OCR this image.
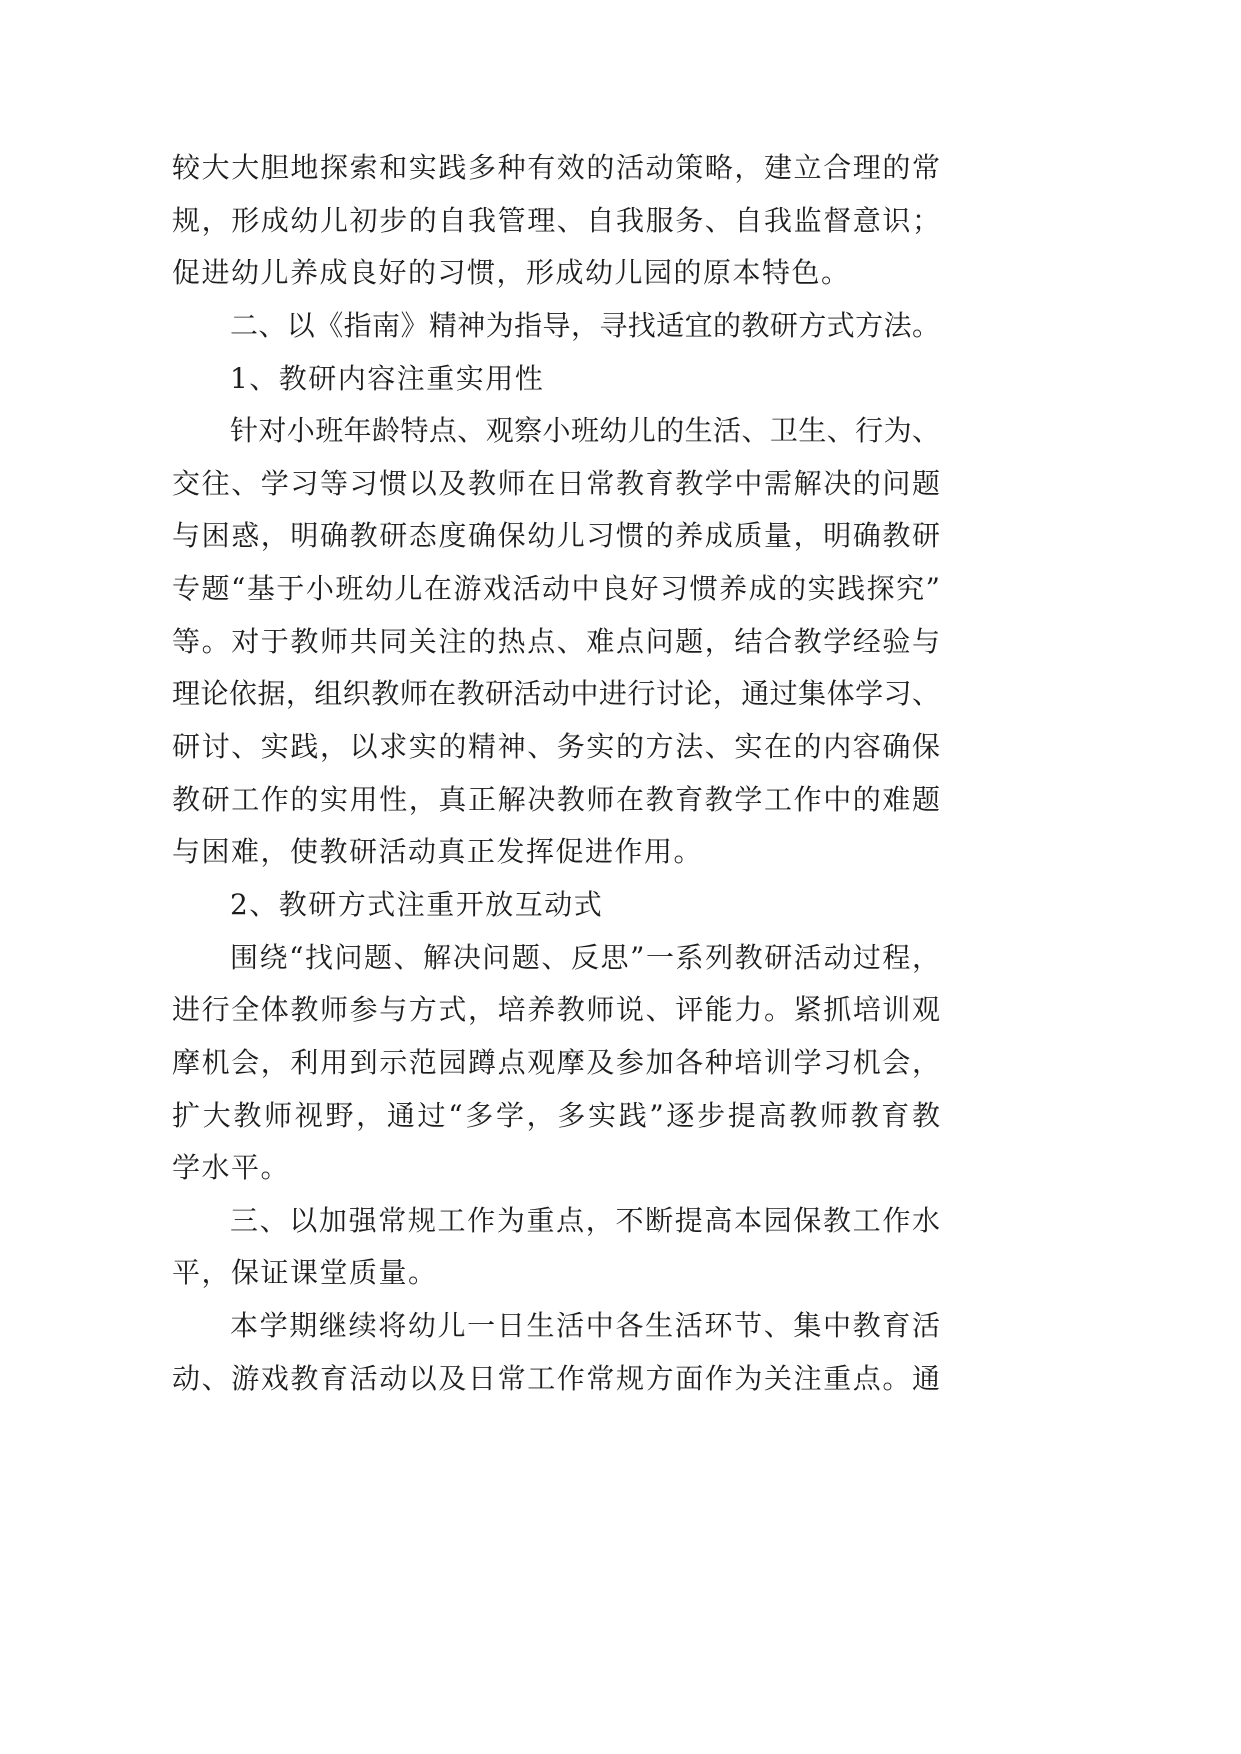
较大大胆地探索和实践多种有效的活动策略，建立合理的常
规，形成幼儿初步的自我管理、自我服务、自我监督意识；
促进幼儿养成良好的习惯，形成幼儿园的原本特色。
二、以《指南》精神为指导，寻找适宜的教研方式方法。
1、教研内容注重实用性
针对小班年龄特点、观察小班幼儿的生活、卫生、行为、
交往、学习等习惯以及教师在日常教育教学中需解决的问题
与困惑，明确教研态度确保幼儿习惯的养成质量，明确教研
专题“基于小班幼儿在游戏活动中良好习惯养成的实践探究”
等。对于教师共同关注的热点、难点问题，结合教学经验与
理论依据，组织教师在教研活动中进行讨论，通过集体学习、
研讨、实践，以求实的精神、务实的方法、实在的内容确保
教研工作的实用性，真正解决教师在教育教学工作中的难题
与困难，使教研活动真正发挥促进作用。
2、教研方式注重开放互动式
围绕“找问题、解决问题、反思”一系列教研活动过程，
进行全体教师参与方式，培养教师说、评能力。紧抓培训观
摩机会，利用到示范园蹲点观摩及参加各种培训学习机会，
扩大教师视野，通过“多学，多实践”逐步提高教师教育教
学水平。
三、以加强常规工作为重点，不断提高本园保教工作水
平，保证课堂质量。
本学期继续将幼儿一日生活中各生活环节、集中教育活
动、游戏教育活动以及日常工作常规方面作为关注重点。通
